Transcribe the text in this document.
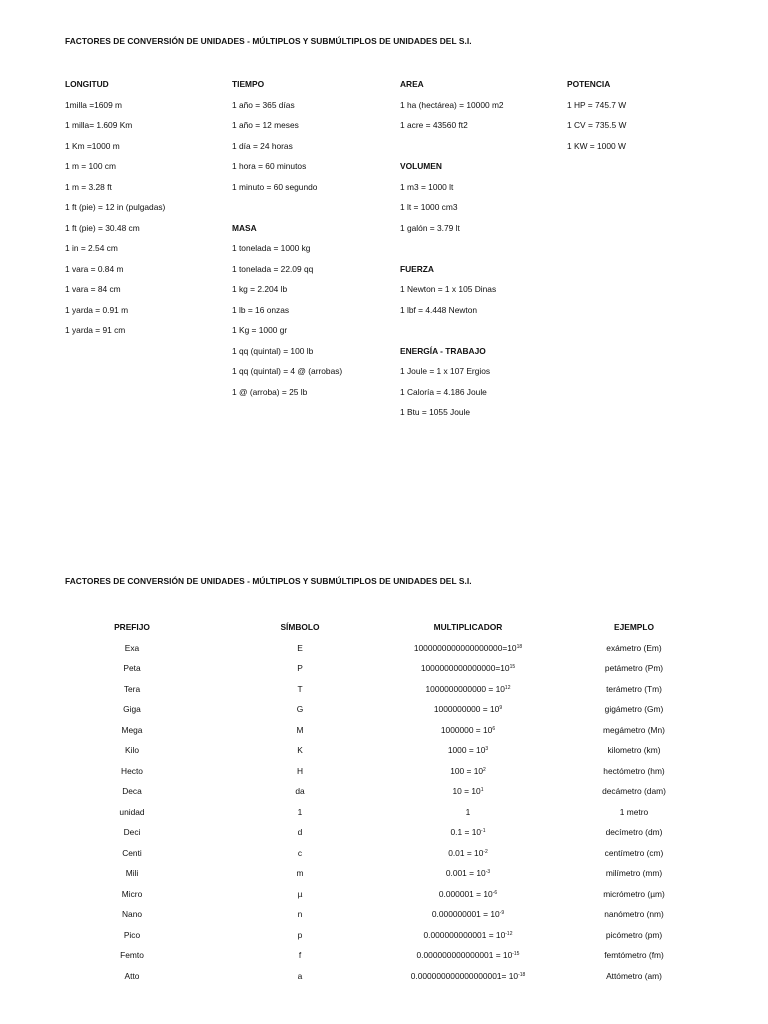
FACTORES DE CONVERSIÓN DE UNIDADES - MÚLTIPLOS Y SUBMÚLTIPLOS DE UNIDADES DEL S.I.
LONGITUD
1milla =1609 m
1 milla= 1.609 Km
1 Km =1000 m
1 m = 100 cm
1 m = 3.28 ft
1 ft (pie) = 12 in (pulgadas)
1 ft (pie) = 30.48 cm
1 in = 2.54 cm
1 vara = 0.84 m
1 vara = 84 cm
1 yarda = 0.91 m
1 yarda = 91 cm
TIEMPO
1 año = 365 días
1 año = 12 meses
1 día = 24 horas
1 hora = 60 minutos
1 minuto = 60 segundo
MASA
1 tonelada = 1000 kg
1 tonelada = 22.09 qq
1 kg = 2.204 lb
1 lb = 16 onzas
1 Kg = 1000 gr
1 qq (quintal) = 100 lb
1 qq (quintal) = 4 @ (arrobas)
1 @ (arroba) = 25 lb
AREA
1 ha (hectárea) = 10000 m2
1 acre = 43560 ft2
VOLUMEN
1 m3 = 1000 lt
1 lt = 1000 cm3
1 galón = 3.79 lt
FUERZA
1 Newton = 1 x 105 Dinas
1 lbf = 4.448 Newton
ENERGÍA - TRABAJO
1 Joule = 1 x 107 Ergios
1 Caloría = 4.186 Joule
1 Btu = 1055 Joule
POTENCIA
1 HP = 745.7 W
1 CV = 735.5 W
1 KW = 1000 W
FACTORES DE CONVERSIÓN DE UNIDADES - MÚLTIPLOS Y SUBMÚLTIPLOS DE UNIDADES DEL S.I.
PREFIJO	SÍMBOLO	MULTIPLICADOR	EJEMPLO
Exa	E	$1000000000000000000=10^{18}$	exámetro (Em)
Peta	P	$1000000000000000=10^{15}$	petámetro (Pm)
Tera	T	$1000000000000 = 10^{12}$	terámetro (Tm)
Giga	G	$1000000000 = 10^9$	gigámetro (Gm)
Mega	M	$1000000 = 10^6$	megámetro (Mn)
Kilo	K	$1000 = 10^3$	kilometro (km)
Hecto	H	$100 = 10^2$	hectómetro (hm)
Deca	da	$10 = 10^1$	decámetro (dam)
unidad	1	1	1 metro
Deci	d	$0.1 = 10^{-1}$	decímetro (dm)
Centi	c	$0.01 = 10^{-2}$	centímetro (cm)
Mili	m	$0.001 = 10^{-3}$	milímetro (mm)
Micro	µ	$0.000001 = 10^{-6}$	micrómetro (µm)
Nano	n	$0.000000001 = 10^{-9}$	nanómetro (nm)
Pico	p	$0.000000000001 = 10^{-12}$	picómetro (pm)
Femto	f	$0.000000000000001 = 10^{-15}$	femtómetro (fm)
Atto	a	$0.000000000000000001= 10^{-18}$	Attómetro (am)
